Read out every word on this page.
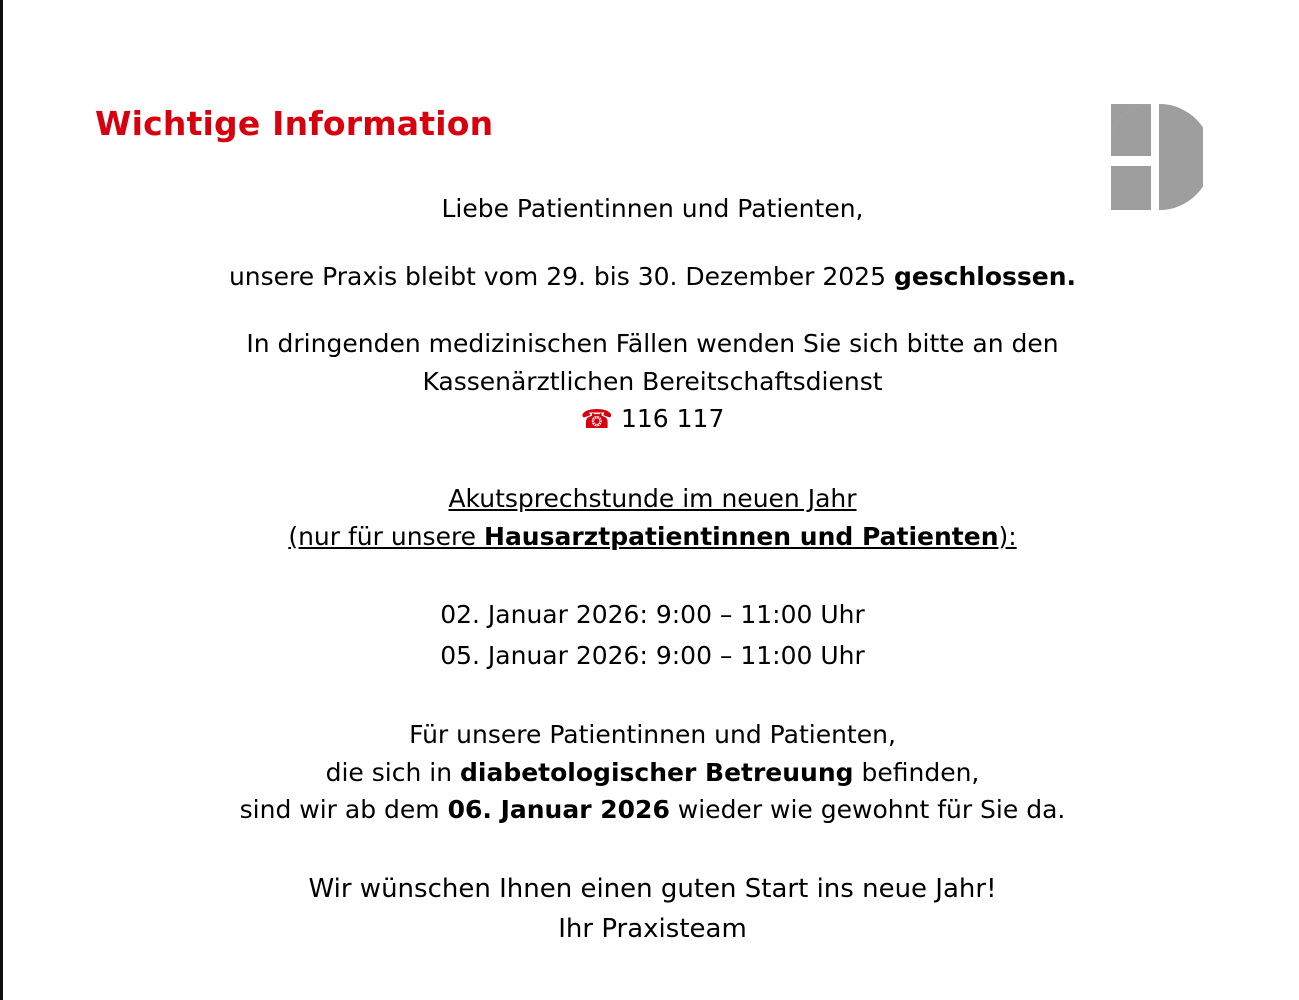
Wichtige Information

Liebe Patientinnen und Patienten,

unsere Praxis bleibt vom 29. bis 30. Dezember 2025 geschlossen.

In dringenden medizinischen Fällen wenden Sie sich bitte an den

Kassenärztlichen Bereitschaftsdienst

☎ 116 117

Akutsprechstunde im neuen Jahr

(nur für unsere Hausarztpatientinnen und Patienten):

02. Januar 2026: 9:00 – 11:00 Uhr

05. Januar 2026: 9:00 – 11:00 Uhr

Für unsere Patientinnen und Patienten,

die sich in diabetologischer Betreuung befinden,

sind wir ab dem 06. Januar 2026 wieder wie gewohnt für Sie da.

Wir wünschen Ihnen einen guten Start ins neue Jahr!

Ihr Praxisteam
